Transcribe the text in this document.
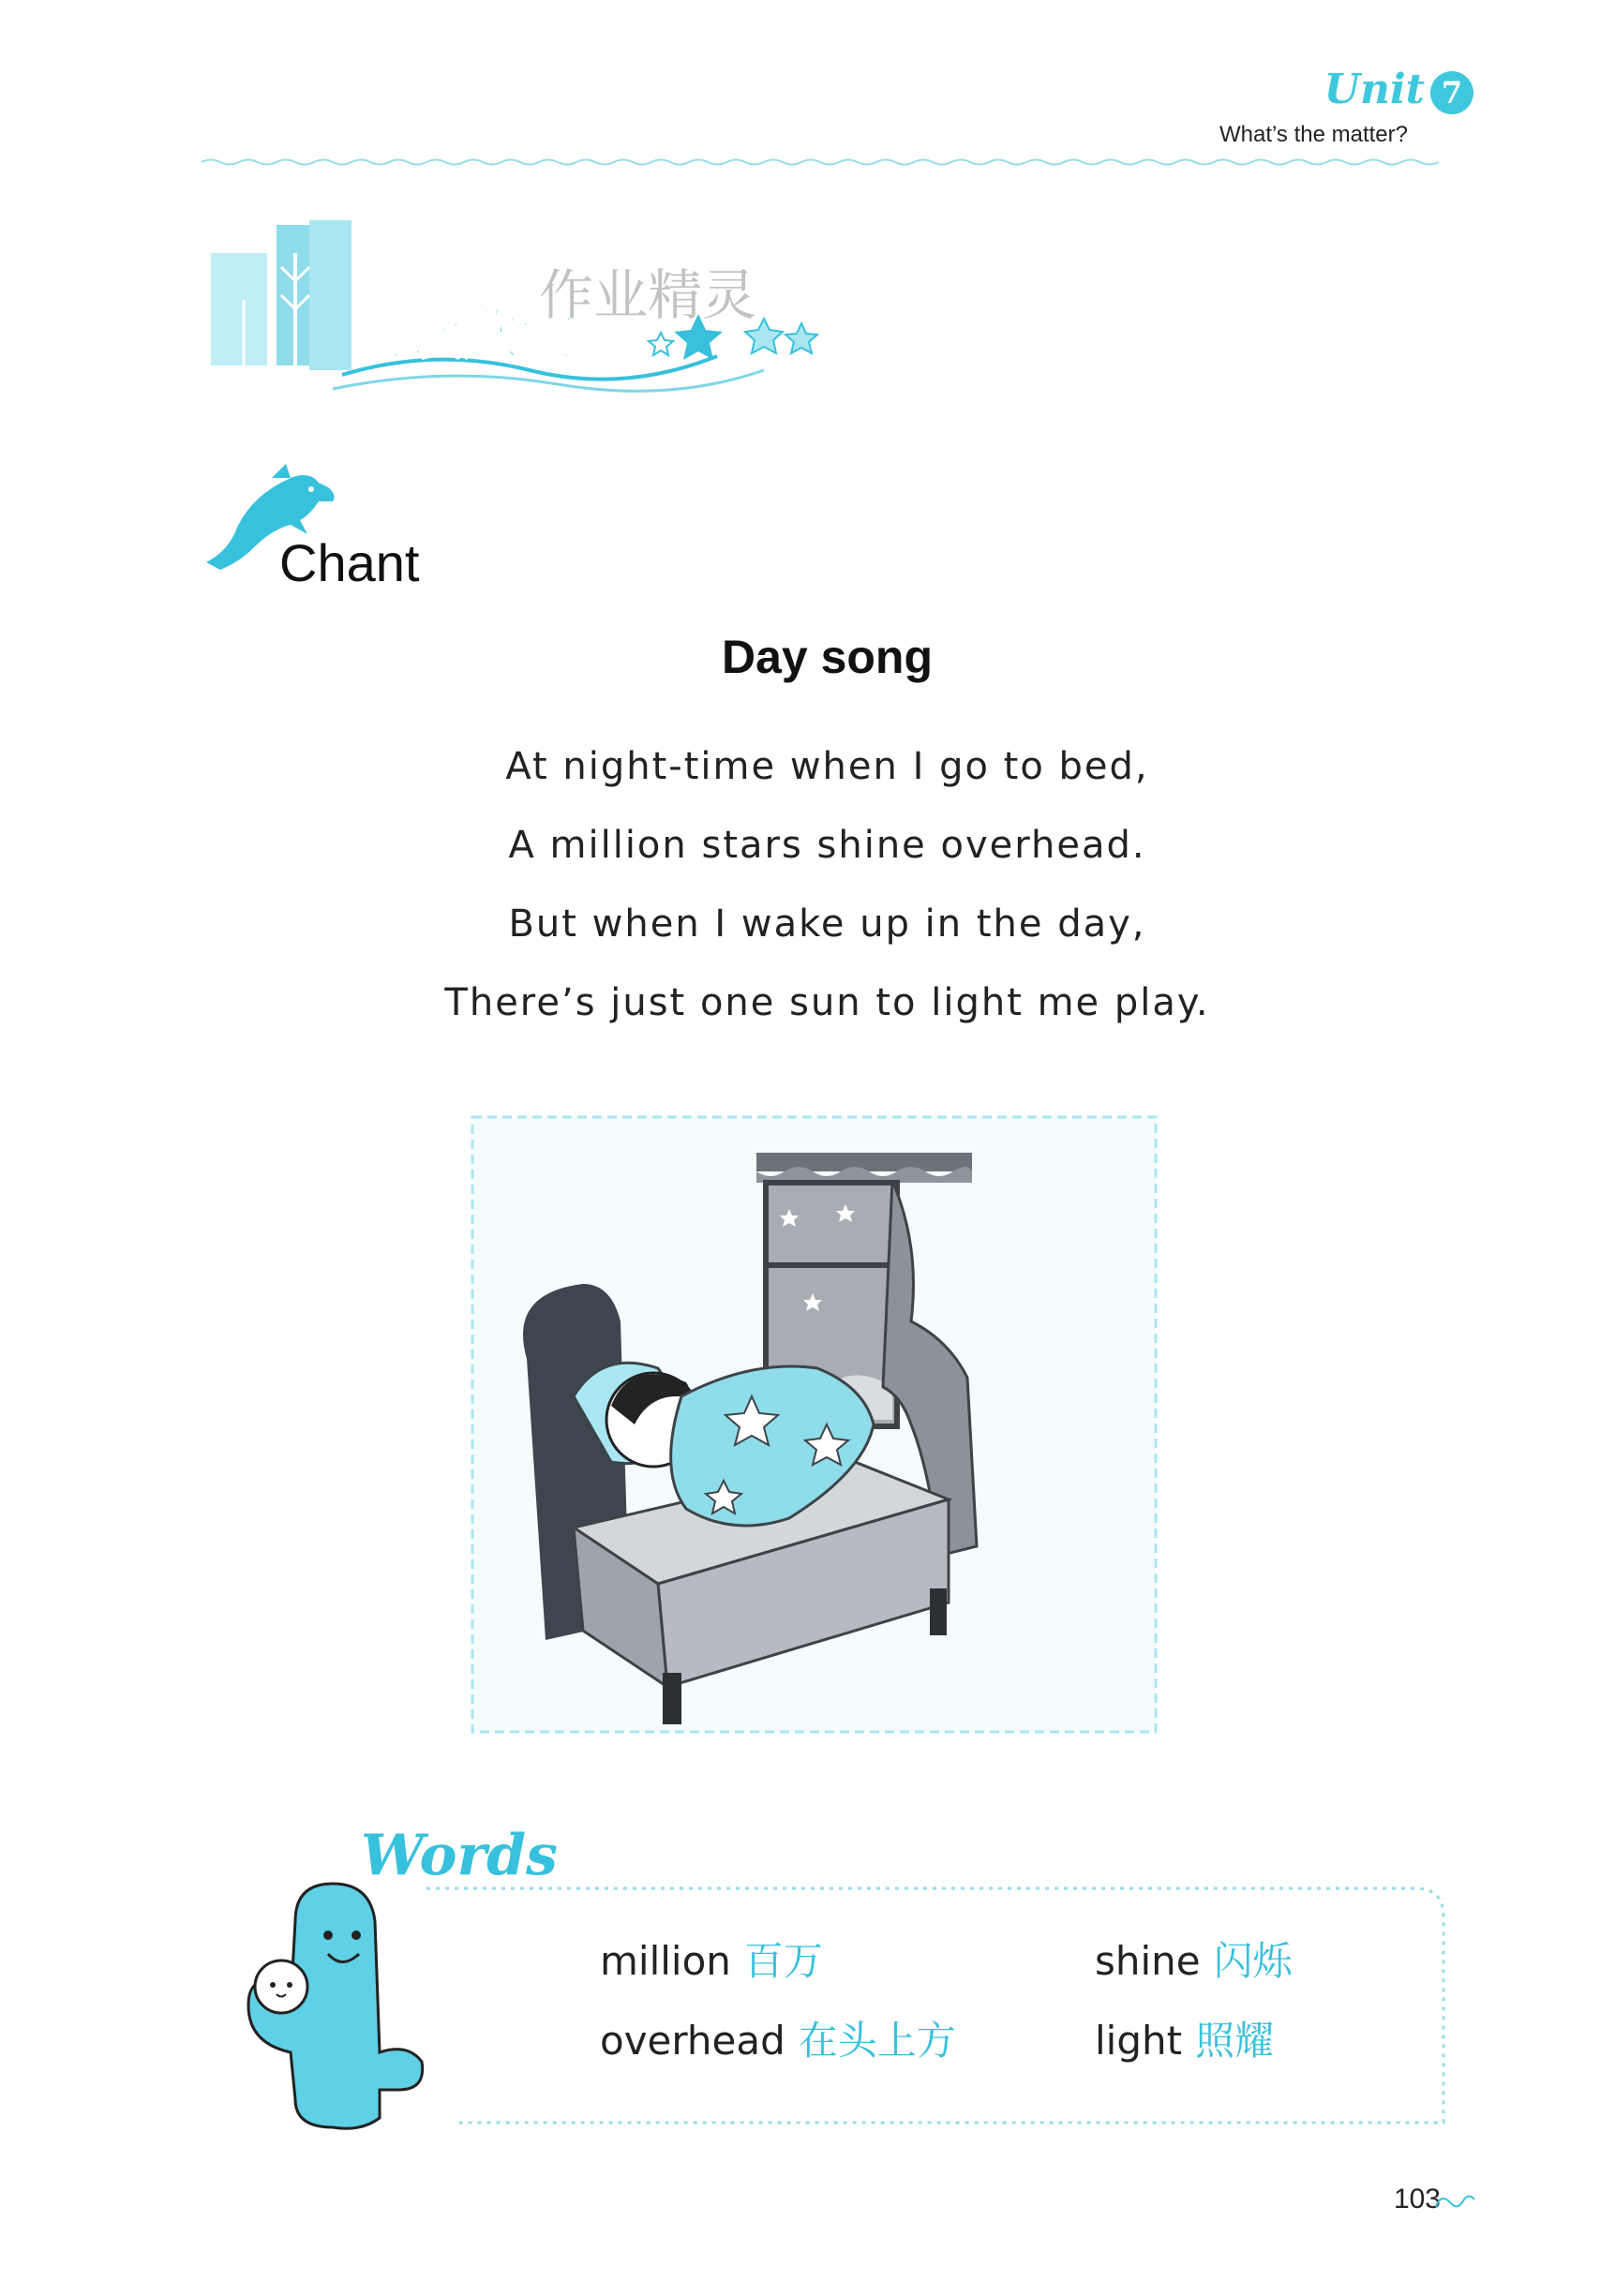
Unit 7
What’s the matter?
阅读欣赏
作业精灵
Chant
Day song
At night-time when I go to bed,
A million stars shine overhead.
But when I wake up in the day,
There’s just one sun to light me play.
Words
million 百万
overhead 在头上方
shine 闪烁
light 照耀
103
